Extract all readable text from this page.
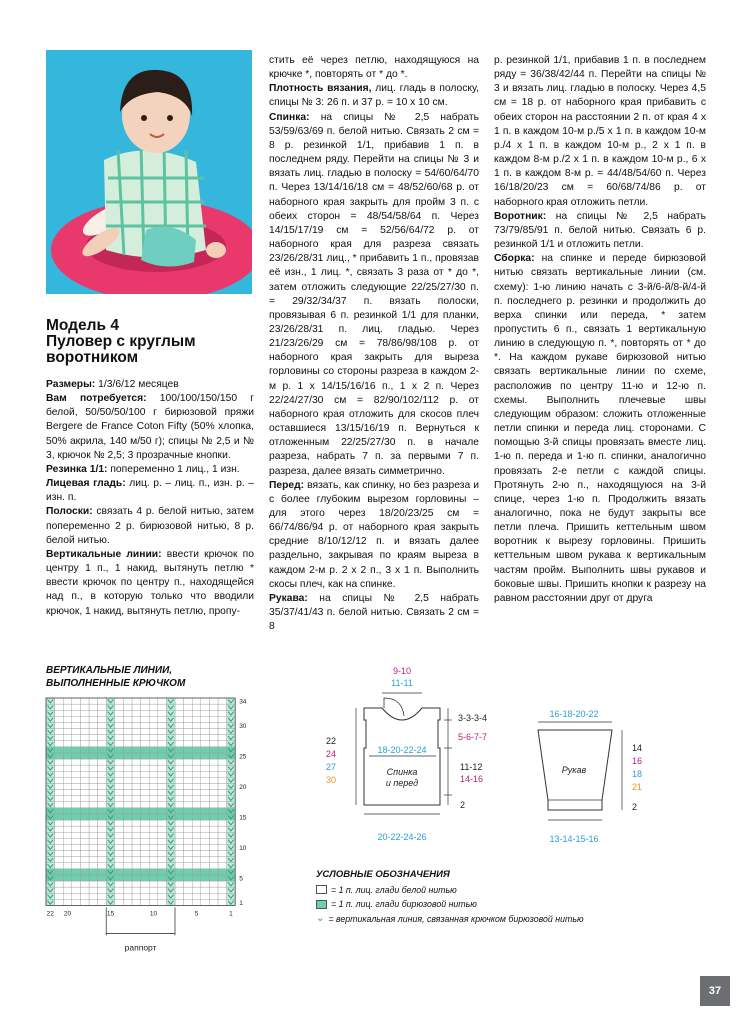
Модель 4
Пуловер с круглым воротником

Размеры: 1/3/6/12 месяцев

Вам потребуется: 100/100/150/150 г белой, 50/50/50/100 г бирюзовой пряжи Bergere de France Coton Fifty (50% хлопка, 50% акрила, 140 м/50 г); спицы № 2,5 и № 3, крючок № 2,5; 3 прозрачные кнопки.

Резинка 1/1: попеременно 1 лиц., 1 изн.

Лицевая гладь: лиц. р. – лиц. п., изн. р. – изн. п.

Полоски: связать 4 р. белой нитью, затем попеременно 2 р. бирюзовой нитью, 8 р. белой нитью.

Вертикальные линии: ввести крючок по центру 1 п., 1 накид, вытянуть петлю * ввести крючок по центру п., находящейся над п., в которую только что вводили крючок, 1 накид, вытянуть петлю, пропу-

стить её через петлю, находящуюся на крючке *, повторять от * до *.

Плотность вязания, лиц. гладь в полоску, спицы № 3: 26 п. и 37 р. = 10 х 10 см.

Спинка: на спицы № 2,5 набрать 53/59/63/69 п. белой нитью. Связать 2 см = 8 р. резинкой 1/1, прибавив 1 п. в последнем ряду. Перейти на спицы № 3 и вязать лиц. гладью в полоску = 54/60/64/70 п. Через 13/14/16/18 см = 48/52/60/68 р. от наборного края закрыть для пройм 3 п. с обеих сторон = 48/54/58/64 п. Через 14/15/17/19 см = 52/56/64/72 р. от наборного края для разреза связать 23/26/28/31 лиц., * прибавить 1 п., провязав её изн., 1 лиц. *, связать 3 раза от * до *, затем отложить следующие 22/25/27/30 п. = 29/32/34/37 п. вязать полоски, провязывая 6 п. резинкой 1/1 для планки, 23/26/28/31 п. лиц. гладью. Через 21/23/26/29 см = 78/86/98/108 р. от наборного края закрыть для выреза горловины со стороны разреза в каждом 2-м р. 1 х 14/15/16/16 п., 1 х 2 п. Через 22/24/27/30 см = 82/90/102/112 р. от наборного края отложить для скосов плеч оставшиеся 13/15/16/19 п. Вернуться к отложенным 22/25/27/30 п. в начале разреза, набрать 7 п. за первыми 7 п. разреза, далее вязать симметрично.

Перед: вязать, как спинку, но без разреза и с более глубоким вырезом горловины – для этого через 18/20/23/25 см = 66/74/86/94 р. от наборного края закрыть средние 8/10/12/12 п. и вязать далее раздельно, закрывая по краям выреза в каждом 2-м р. 2 х 2 п., 3 х 1 п. Выполнить скосы плеч, как на спинке.

Рукава: на спицы № 2,5 набрать 35/37/41/43 п. белой нитью. Связать 2 см = 8

р. резинкой 1/1, прибавив 1 п. в последнем ряду = 36/38/42/44 п. Перейти на спицы № 3 и вязать лиц. гладью в полоску. Через 4,5 см = 18 р. от наборного края прибавить с обеих сторон на расстоянии 2 п. от края 4 х 1 п. в каждом 10-м р./5 х 1 п. в каждом 10-м р./4 х 1 п. в каждом 10-м р., 2 х 1 п. в каждом 8-м р./2 х 1 п. в каждом 10-м р., 6 х 1 п. в каждом 8-м р. = 44/48/54/60 п. Через 16/18/20/23 см = 60/68/74/86 р. от наборного края отложить петли.

Воротник: на спицы № 2,5 набрать 73/79/85/91 п. белой нитью. Связать 6 р. резинкой 1/1 и отложить петли.

Сборка: на спинке и переде бирюзовой нитью связать вертикальные линии (см. схему): 1-ю линию начать с 3-й/6-й/8-й/4-й п. последнего р. резинки и продолжить до верха спинки или переда, * затем пропустить 6 п., связать 1 вертикальную линию в следующую п. *, повторять от * до *. На каждом рукаве бирюзовой нитью связать вертикальные линии по схеме, расположив по центру 11-ю и 12-ю п. схемы. Выполнить плечевые швы следующим образом: сложить отложенные петли спинки и переда лиц. сторонами. С помощью 3-й спицы провязать вместе лиц. 1-ю п. переда и 1-ю п. спинки, аналогично провязать 2-е петли с каждой спицы. Протянуть 2-ю п., находящуюся на 3-й спице, через 1-ю п. Продолжить вязать аналогично, пока не будут закрыты все петли плеча. Пришить кеттельным швом воротник к вырезу горловины. Пришить кеттельным швом рукава к вертикальным частям пройм. Выполнить швы рукавов и боковые швы. Пришить кнопки к разрезу на равном расстоянии друг от друга

ВЕРТИКАЛЬНЫЕ ЛИНИИ,
ВЫПОЛНЕННЫЕ КРЮЧКОМ
34
30
25
20
15
10
5
1
22 20	15	10	5	1
раппорт
9-10
11-11
3-3-3-4
5-6-7-7
11-12
14-16
2
18-20-22-24
22
24
27
30
Спинка
и перед
20-22-24-26
16-18-20-22
Рукав
14
16
18
21
2
13-14-15-16
УСЛОВНЫЕ ОБОЗНАЧЕНИЯ
= 1 п. лиц. глади белой нитью
= 1 п. лиц. глади бирюзовой нитью
⌄ = вертикальная линия, связанная крючком бирюзовой нитью
37
